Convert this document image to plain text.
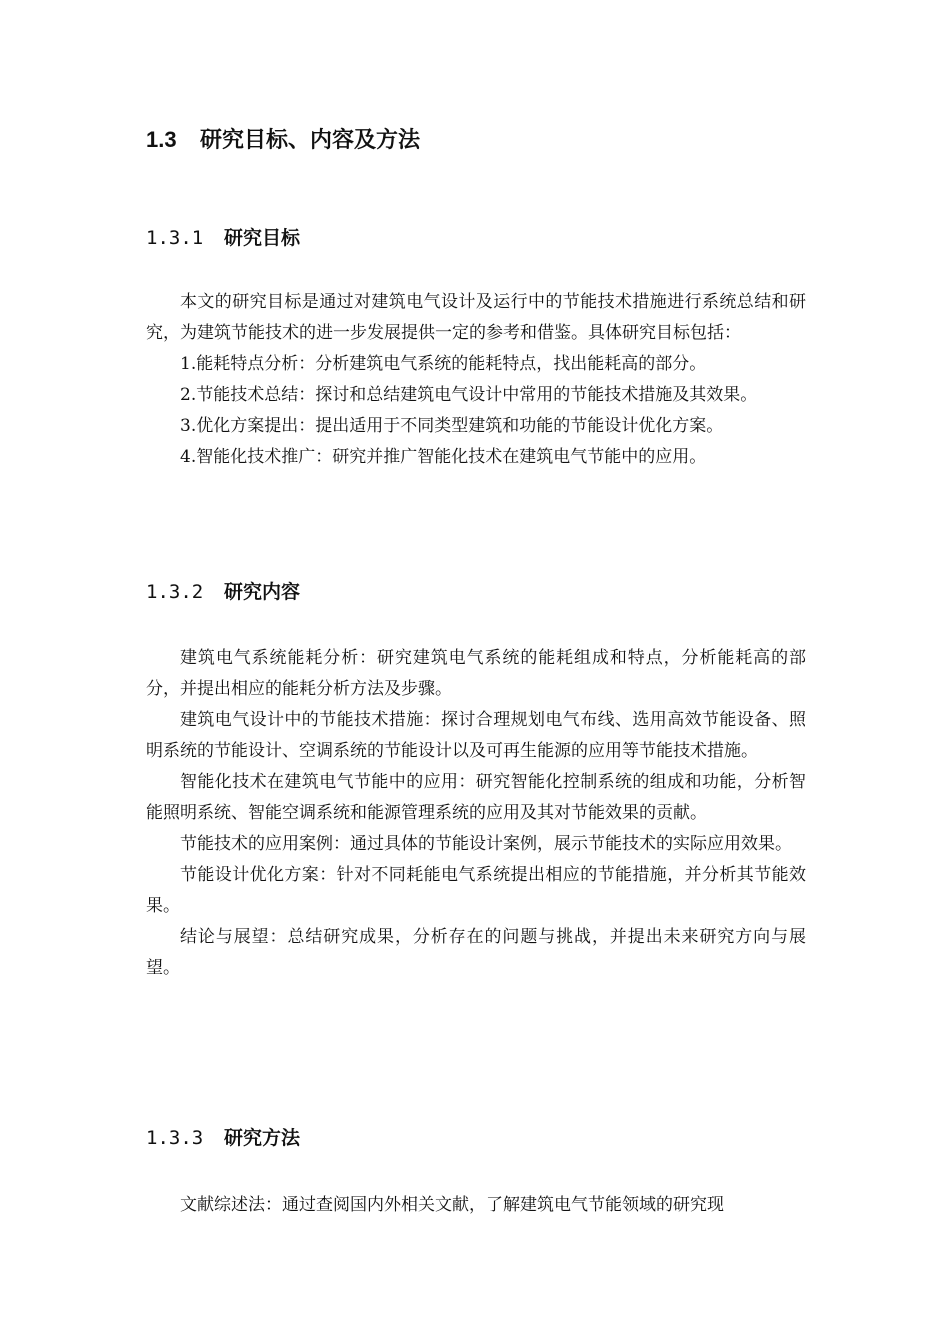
1.3 研究目标、内容及方法
1.3.1 研究目标

本文的研究目标是通过对建筑电气设计及运行中的节能技术措施进行系统总结和研究，为建筑节能技术的进一步发展提供一定的参考和借鉴。具体研究目标包括：

1.能耗特点分析：分析建筑电气系统的能耗特点，找出能耗高的部分。

2.节能技术总结：探讨和总结建筑电气设计中常用的节能技术措施及其效果。

3.优化方案提出：提出适用于不同类型建筑和功能的节能设计优化方案。

4.智能化技术推广：研究并推广智能化技术在建筑电气节能中的应用。

1.3.2 研究内容

建筑电气系统能耗分析：研究建筑电气系统的能耗组成和特点，分析能耗高的部分，并提出相应的能耗分析方法及步骤。

建筑电气设计中的节能技术措施：探讨合理规划电气布线、选用高效节能设备、照明系统的节能设计、空调系统的节能设计以及可再生能源的应用等节能技术措施。

智能化技术在建筑电气节能中的应用：研究智能化控制系统的组成和功能，分析智能照明系统、智能空调系统和能源管理系统的应用及其对节能效果的贡献。

节能技术的应用案例：通过具体的节能设计案例，展示节能技术的实际应用效果。

节能设计优化方案：针对不同耗能电气系统提出相应的节能措施，并分析其节能效果。

结论与展望：总结研究成果，分析存在的问题与挑战，并提出未来研究方向与展望。

1.3.3 研究方法

文献综述法：通过查阅国内外相关文献，了解建筑电气节能领域的研究现
